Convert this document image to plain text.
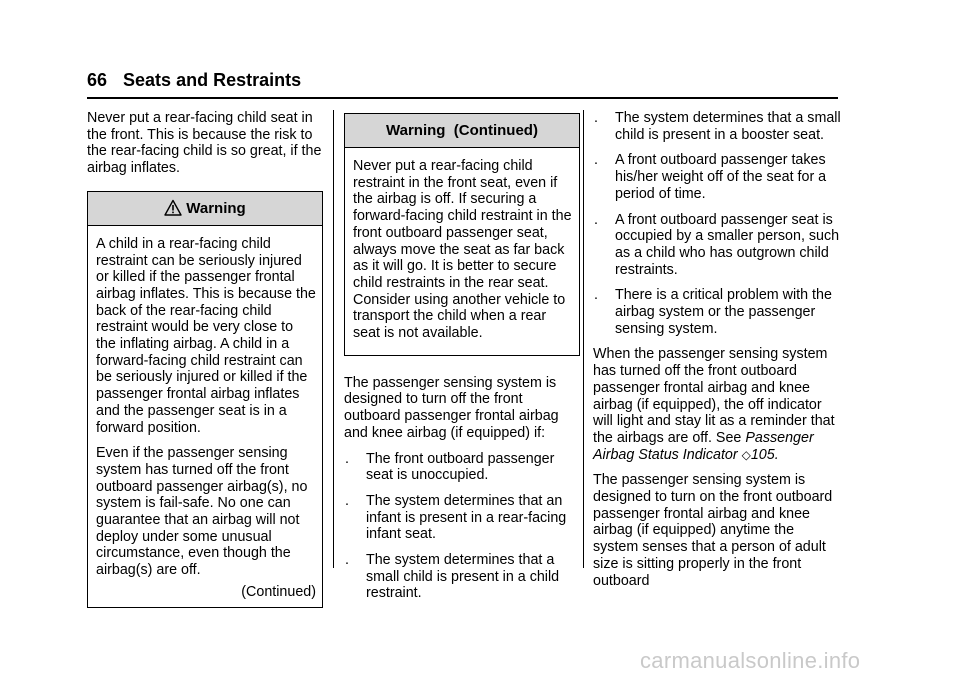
66 Seats and Restraints

Never put a rear-facing child seat in the front. This is because the risk to the rear-facing child is so great, if the airbag inflates.

Warning

A child in a rear-facing child restraint can be seriously injured or killed if the passenger frontal airbag inflates. This is because the back of the rear-facing child restraint would be very close to the inflating airbag. A child in a forward-facing child restraint can be seriously injured or killed if the passenger frontal airbag inflates and the passenger seat is in a forward position.

Even if the passenger sensing system has turned off the front outboard passenger airbag(s), no system is fail-safe. No one can guarantee that an airbag will not deploy under some unusual circumstance, even though the airbag(s) are off.

(Continued)
Warning  (Continued)

Never put a rear-facing child restraint in the front seat, even if the airbag is off. If securing a forward-facing child restraint in the front outboard passenger seat, always move the seat as far back as it will go. It is better to secure child restraints in the rear seat. Consider using another vehicle to transport the child when a rear seat is not available.

The passenger sensing system is designed to turn off the front outboard passenger frontal airbag and knee airbag (if equipped) if:

. The front outboard passenger seat is unoccupied.
. The system determines that an infant is present in a rear-facing infant seat.
. The system determines that a small child is present in a child restraint.
. The system determines that a small child is present in a booster seat.
. A front outboard passenger takes his/her weight off of the seat for a period of time.
. A front outboard passenger seat is occupied by a smaller person, such as a child who has outgrown child restraints.
. There is a critical problem with the airbag system or the passenger sensing system.

When the passenger sensing system has turned off the front outboard passenger frontal airbag and knee airbag (if equipped), the off indicator will light and stay lit as a reminder that the airbags are off. See Passenger Airbag Status Indicator ◇105.

The passenger sensing system is designed to turn on the front outboard passenger frontal airbag and knee airbag (if equipped) anytime the system senses that a person of adult size is sitting properly in the front outboard

carmanualsonline.info
